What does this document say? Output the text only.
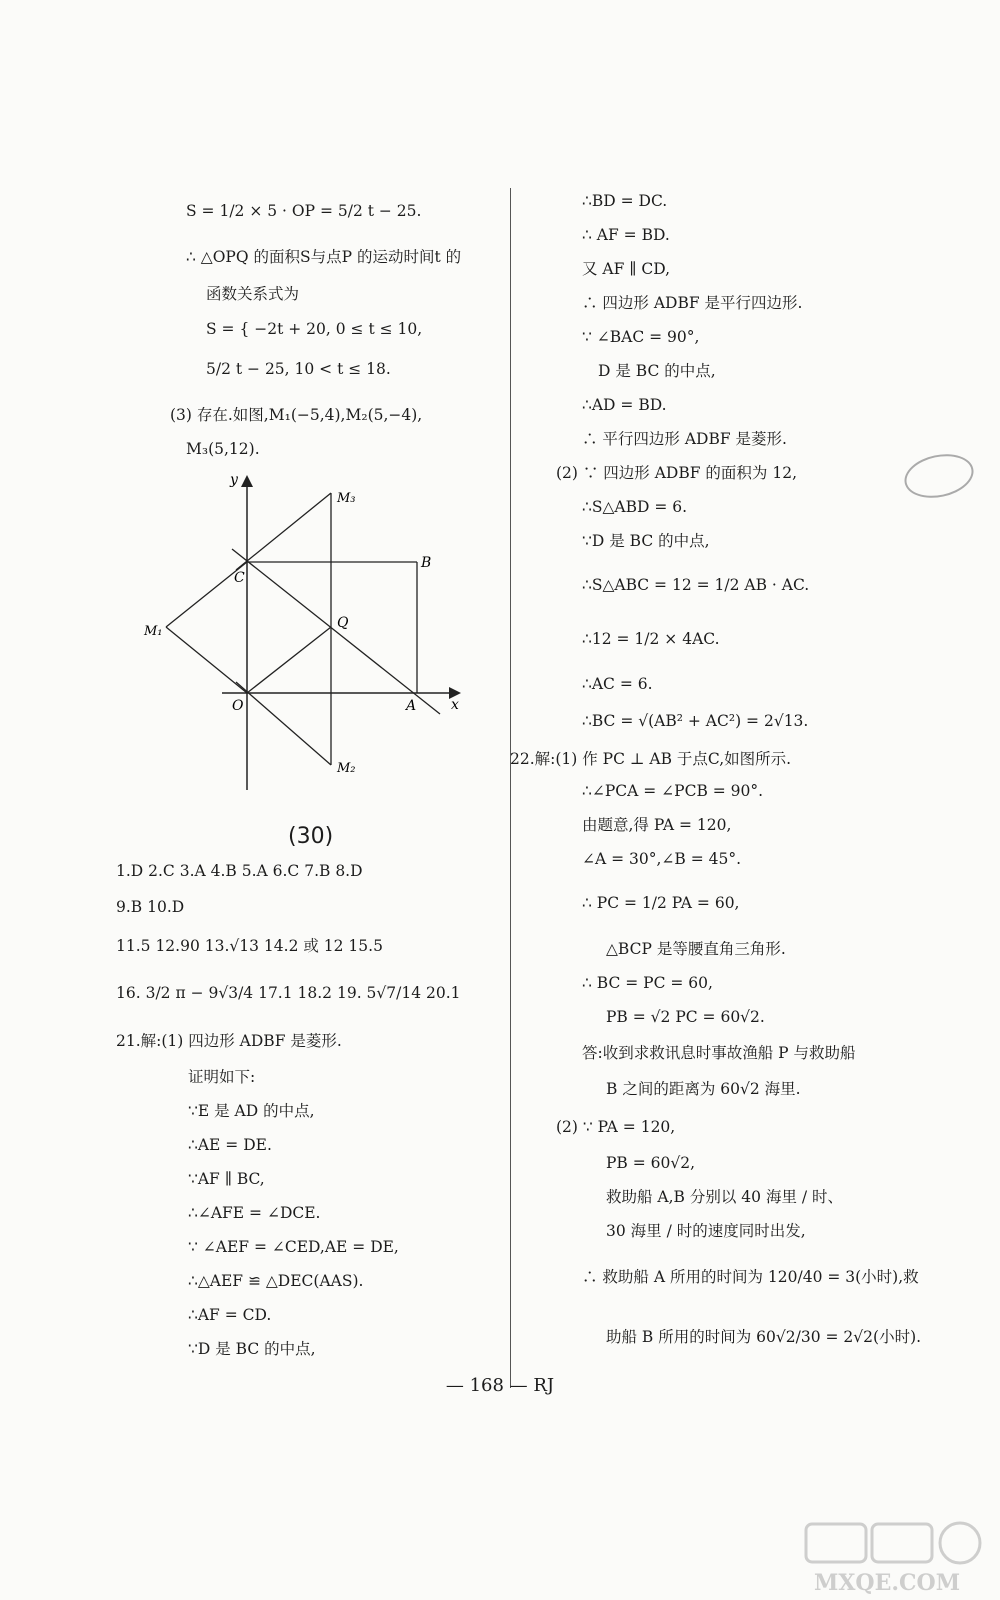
S = 1/2 × 5 · OP = 5/2 t − 25.
∴ △OPQ 的面积S与点P 的运动时间t 的
函数关系式为
S = { −2t + 20, 0 ≤ t ≤ 10,
5/2 t − 25, 10 < t ≤ 18.
(3) 存在.如图,M₁(−5,4),M₂(5,−4),
M₃(5,12).
y
x
O	A
B
C
Q
M₁
M₂
M₃
(30)
1.D 2.C 3.A 4.B 5.A 6.C 7.B 8.D
9.B 10.D
11.5 12.90 13.√13 14.2 或 12 15.5
16. 3/2 π − 9√3/4 17.1 18.2 19. 5√7/14 20.1
21.解:(1) 四边形 ADBF 是菱形.
证明如下:
∵E 是 AD 的中点,
∴AE = DE.
∵AF ∥ BC,
∴∠AFE = ∠DCE.
∵ ∠AEF = ∠CED,AE = DE,
∴△AEF ≌ △DEC(AAS).
∴AF = CD.
∵D 是 BC 的中点,
∴BD = DC.
∴ AF = BD.
又 AF ∥ CD,
∴ 四边形 ADBF 是平行四边形.
∵ ∠BAC = 90°,
D 是 BC 的中点,
∴AD = BD.
∴ 平行四边形 ADBF 是菱形.
(2) ∵ 四边形 ADBF 的面积为 12,
∴S△ABD = 6.
∵D 是 BC 的中点,
∴S△ABC = 12 = 1/2 AB · AC.
∴12 = 1/2 × 4AC.
∴AC = 6.
∴BC = √(AB² + AC²) = 2√13.
22.解:(1) 作 PC ⊥ AB 于点C,如图所示.
∴∠PCA = ∠PCB = 90°.
由题意,得 PA = 120,
∠A = 30°,∠B = 45°.
∴ PC = 1/2 PA = 60,
△BCP 是等腰直角三角形.
∴ BC = PC = 60,
PB = √2 PC = 60√2.
答:收到求救讯息时事故渔船 P 与救助船
B 之间的距离为 60√2 海里.
(2) ∵ PA = 120,
PB = 60√2,
救助船 A,B 分别以 40 海里 / 时、
30 海里 / 时的速度同时出发,
∴ 救助船 A 所用的时间为 120/40 = 3(小时),救
助船 B 所用的时间为 60√2/30 = 2√2(小时).
— 168 — RJ
MXQE.COM
